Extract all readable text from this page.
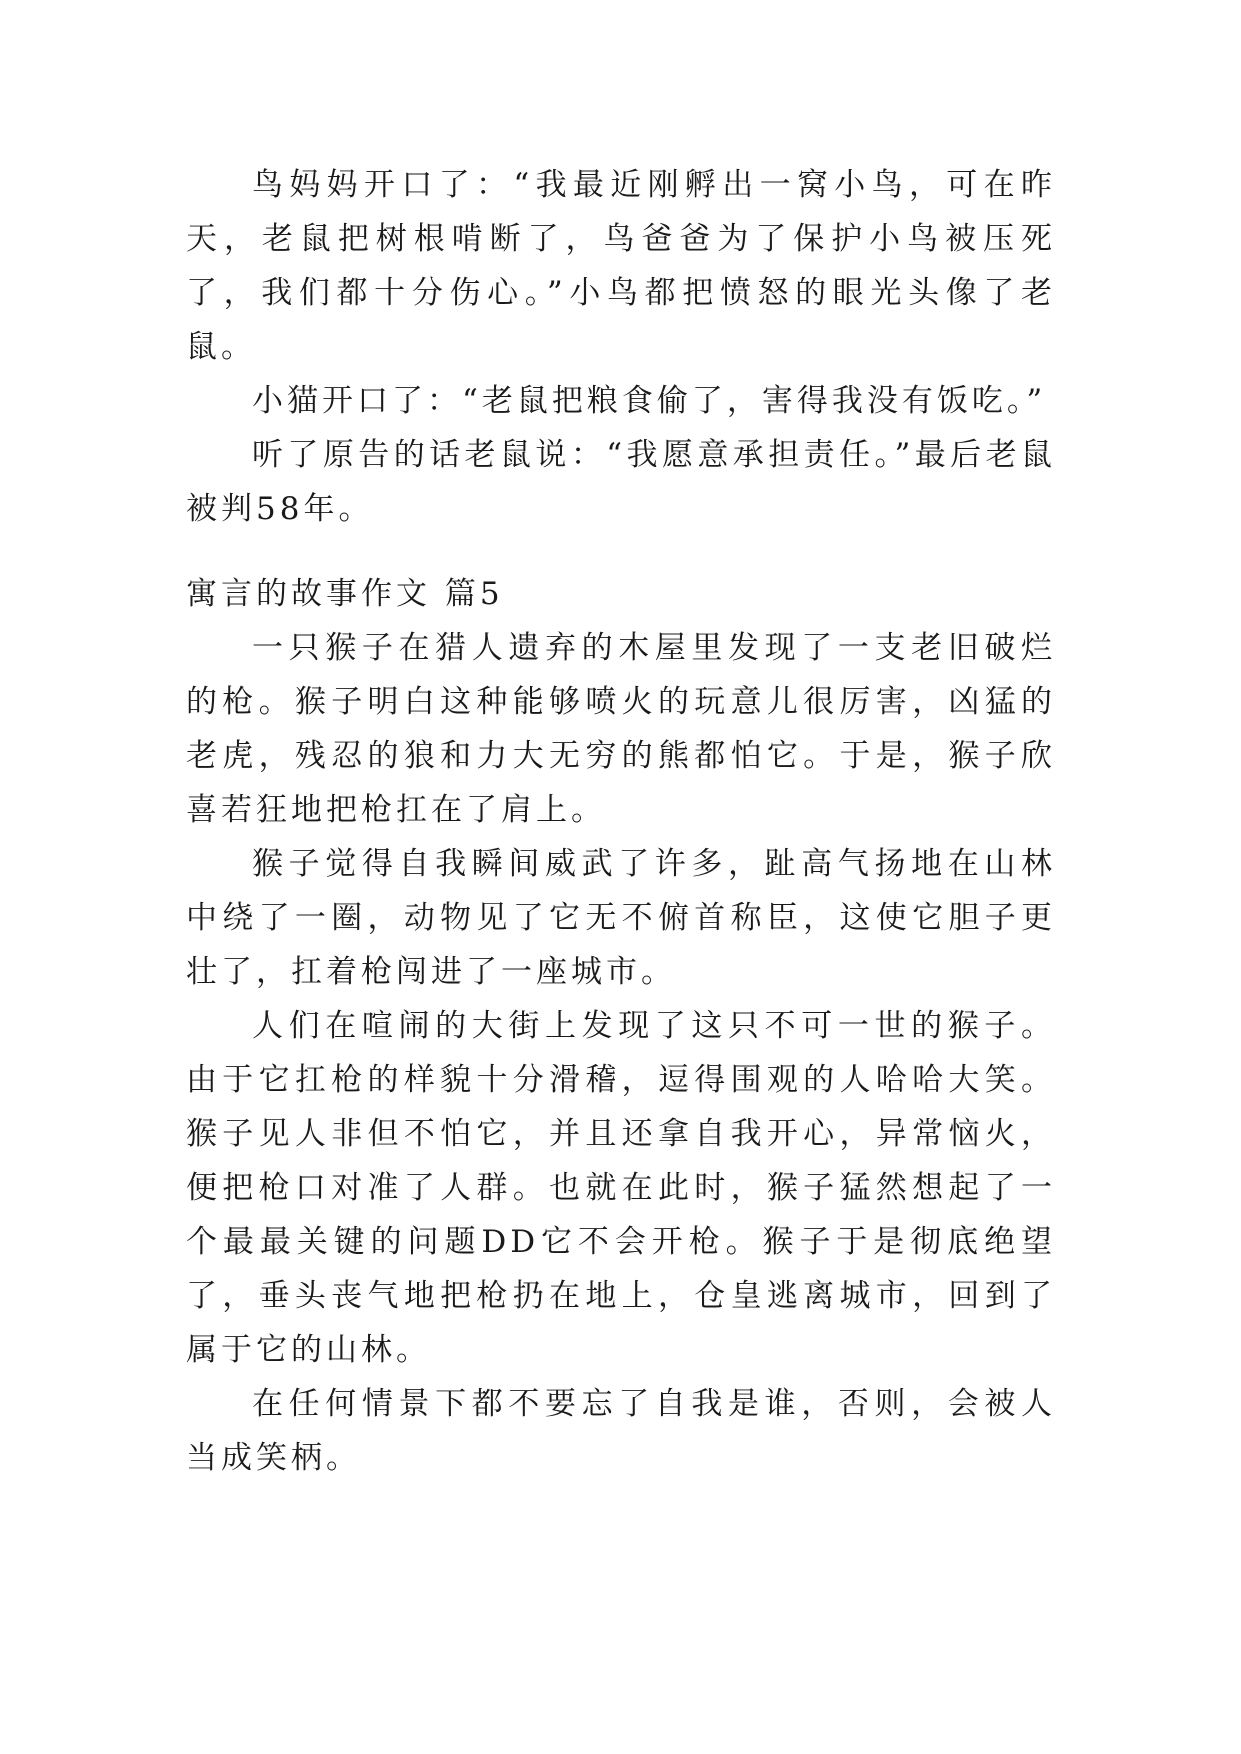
鸟妈妈开口了：“我最近刚孵出一窝小鸟，可在昨天，老鼠把树根啃断了，鸟爸爸为了保护小鸟被压死了，我们都十分伤心。”小鸟都把愤怒的眼光头像了老鼠。

小猫开口了：“老鼠把粮食偷了，害得我没有饭吃。”

听了原告的话老鼠说：“我愿意承担责任。”最后老鼠被判58年。

寓言的故事作文 篇5

一只猴子在猎人遗弃的木屋里发现了一支老旧破烂的枪。猴子明白这种能够喷火的玩意儿很厉害，凶猛的老虎，残忍的狼和力大无穷的熊都怕它。于是，猴子欣喜若狂地把枪扛在了肩上。

猴子觉得自我瞬间威武了许多，趾高气扬地在山林中绕了一圈，动物见了它无不俯首称臣，这使它胆子更壮了，扛着枪闯进了一座城市。

人们在喧闹的大街上发现了这只不可一世的猴子。由于它扛枪的样貌十分滑稽，逗得围观的人哈哈大笑。猴子见人非但不怕它，并且还拿自我开心，异常恼火，便把枪口对准了人群。也就在此时，猴子猛然想起了一个最最关键的问题DD它不会开枪。猴子于是彻底绝望了，垂头丧气地把枪扔在地上，仓皇逃离城市，回到了属于它的山林。

在任何情景下都不要忘了自我是谁，否则，会被人当成笑柄。
